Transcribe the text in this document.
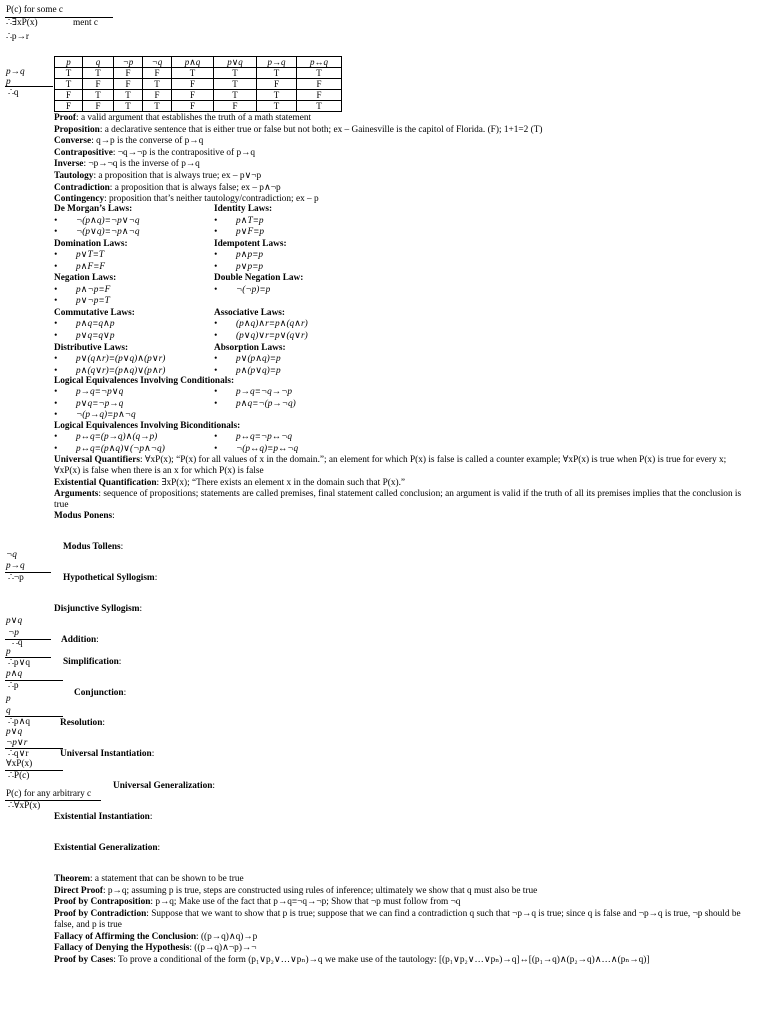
P(c) for some c
∴∃xP(x)	ment c
∴p→r
p→q
p
∴q
p	q	¬p	¬q	p∧q	p∨q	p→q	p↔q
T	T	F	F	T	T	T	T
T	F	F	T	F	T	F	F
F	T	T	F	F	T	T	F
F	F	T	T	F	F	T	T
Proof: a valid argument that establishes the truth of a math statement
Proposition: a declarative sentence that is either true or false but not both; ex – Gainesville is the capitol of Florida. (F); 1+1=2 (T)
Converse: q→p is the converse of p→q
Contrapositive: ¬q→¬p is the contrapositive of p→q
Inverse: ¬p→¬q is the inverse of p→q
Tautology: a proposition that is always true; ex – p∨¬p
Contradiction: a proposition that is always false; ex – p∧¬p
Contingency: proposition that’s neither tautology/contradiction; ex – p
De Morgan’s Laws:
• ¬(p∧q)≡¬p∨¬q
• ¬(p∨q)≡¬p∧¬q
Domination Laws:
• p∨T≡T
• p∧F≡F
Negation Laws:
• p∧¬p≡F
• p∨¬p≡T
Commutative Laws:
• p∧q≡q∧p
• p∨q≡q∨p
Distributive Laws:
• p∨(q∧r)≡(p∨q)∧(p∨r)
• p∧(q∨r)≡(p∧q)∨(p∧r)
Identity Laws:
• p∧T≡p
• p∨F≡p
Idempotent Laws:
• p∧p≡p
• p∨p≡p
Double Negation Law:
• ¬(¬p)≡p
Associative Laws:
• (p∧q)∧r≡p∧(q∧r)
• (p∨q)∨r≡p∨(q∨r)
Absorption Laws:
• p∨(p∧q)≡p
• p∧(p∨q)≡p
Logical Equivalences Involving Conditionals:
• p→q≡¬p∨q
• p∨q≡¬p→q
• ¬(p→q)≡p∧¬q
• p→q≡¬q→¬p
• p∧q≡¬(p→¬q)
Logical Equivalences Involving Biconditionals:
• p↔q≡(p→q)∧(q→p)
• p↔q≡(p∧q)∨(¬p∧¬q)
• p↔q≡¬p↔¬q
• ¬(p↔q)≡p↔¬q
Universal Quantifiers: ∀xP(x); “P(x) for all values of x in the domain.”; an element for which P(x) is false is called a counter example; ∀xP(x) is true when P(x) is true for every x;
∀xP(x) is false when there is an x for which P(x) is false
Existential Quantification: ∃xP(x); “There exists an element x in the domain such that P(x).”
Arguments: sequence of propositions; statements are called premises, final statement called conclusion; an argument is valid if the truth of all its premises implies that the conclusion is
true
Modus Ponens:
Modus Tollens:
Hypothetical Syllogism:
Disjunctive Syllogism:
Addition:
Simplification:
Conjunction:
Resolution:
Universal Instantiation:
Universal Generalization:
Existential Instantiation:
Existential Generalization:
¬q
p→q
∴¬p
p∨q
¬p
∴q
p
∴p∨q
p∧q
∴p
p
q
∴p∧q
p∨q
¬p∨r
∴q∨r
∀xP(x)
∴P(c)
P(c) for any arbitrary c
∴∀xP(x)
Theorem: a statement that can be shown to be true
Direct Proof: p→q; assuming p is true, steps are constructed using rules of inference; ultimately we show that q must also be true
Proof by Contraposition: p→q; Make use of the fact that p→q≡¬q→¬p; Show that ¬p must follow from ¬q
Proof by Contradiction: Suppose that we want to show that p is true; suppose that we can find a contradiction q such that ¬p→q is true; since q is false and ¬p→q is true, ¬p should be
false, and p is true
Fallacy of Affirming the Conclusion: ((p→q)∧q)→p
Fallacy of Denying the Hypothesis: ((p→q)∧¬p)→¬
Proof by Cases: To prove a conditional of the form (p₁∨p₂∨…∨pₙ)→q we make use of the tautology: [(p₁∨p₂∨…∨pₙ)→q]↔[(p₁→q)∧(p₂→q)∧…∧(pₙ→q)]
